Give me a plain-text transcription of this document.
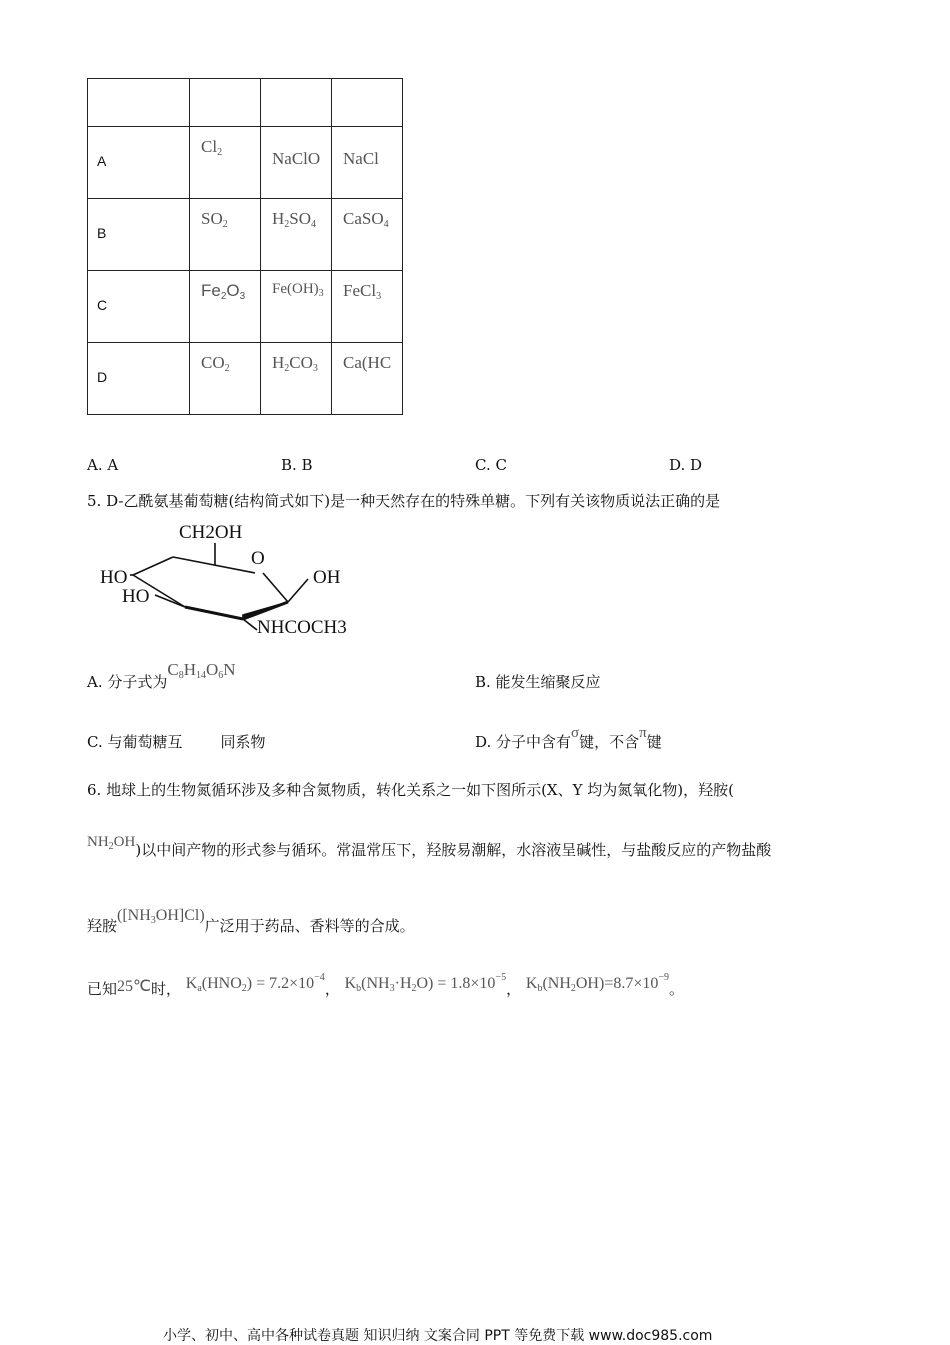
A	$Cl_2$	NaClO	NaCl

B	$SO_2$	$H_2SO_4$	CaSO$_4$

C	$Fe_2O_3$	$Fe(OH)_3$	FeCl$_3$

D	$CO_2$	$H_2CO_3$	Ca(HC
A. A	B. B	C. C	D. D
5. D-乙酰氨基葡萄糖(结构简式如下)是一种天然存在的特殊单糖。下列有关该物质说法正确的是
CH2OH
O
HO
HO
OH
NHCOCH3
A. 分子式为$C_8H_{14}O_6N$
B. 能发生缩聚反应
C. 与葡萄糖互	同系物	D. 分子中含有σ键，不含π键
6. 地球上的生物氮循环涉及多种含氮物质，转化关系之一如下图所示(X、Y 均为氮氧化物)，羟胺(
$NH_2OH$)以中间产物的形式参与循环。常温常压下，羟胺易潮解，水溶液呈碱性，与盐酸反应的产物盐酸
羟胺$([NH_3OH]Cl)$广泛用于药品、香料等的合成。
已知25℃时， $K_a(HNO_2) = 7.2\times 10^{-4}$， $K_b(NH_3\cdot H_2O) = 1.8\times 10^{-5}$， $K_b(NH_2OH)=8.7\times 10^{-9}$。
小学、初中、高中各种试卷真题 知识归纳 文案合同 PPT 等免费下载 www.doc985.com
